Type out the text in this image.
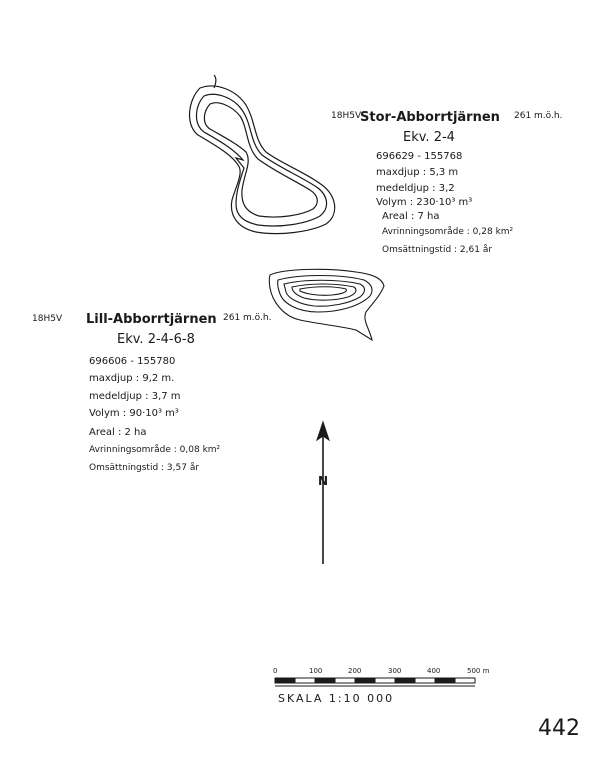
18H5V
Stor-Abborrtjärnen 261 m.ö.h.
Ekv. 2-4
696629 - 155768
maxdjup : 5,3 m
medeldjup : 3,2
Volym : 230·10³ m³
Areal : 7 ha
Avrinningsområde : 0,28 km²
Omsättningstid : 2,61 år
18H5V Lill-Abborrtjärnen 261 m.ö.h.
Ekv. 2-4-6-8
696606 - 155780
maxdjup : 9,2 m.
medeldjup : 3,7 m
Volym : 90·10³ m³
Areal : 2 ha
Avrinningsområde : 0,08 km²
Omsättningstid : 3,57 år
N
0	100	200	300	400	500 m
SKALA 1:10 000
442
